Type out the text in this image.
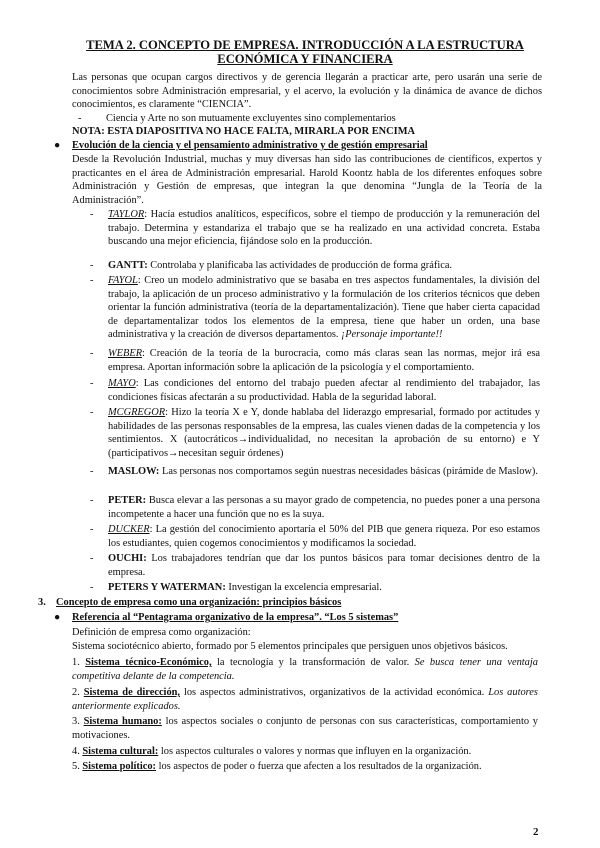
TEMA 2. CONCEPTO DE EMPRESA. INTRODUCCIÓN A LA ESTRUCTURA ECONÓMICA Y FINANCIERA
Las personas que ocupan cargos directivos y de gerencia llegarán a practicar arte, pero usarán una serie de conocimientos sobre Administración empresarial, y el acervo, la evolución y la dinámica de avance de dichos conocimientos, es claramente “CIENCIA”.
- Ciencia y Arte no son mutuamente excluyentes sino complementarios
NOTA: ESTA DIAPOSITIVA NO HACE FALTA, MIRARLA POR ENCIMA
● Evolución de la ciencia y el pensamiento administrativo y de gestión empresarial
Desde la Revolución Industrial, muchas y muy diversas han sido las contribuciones de científicos, expertos y practicantes en el área de Administración empresarial. Harold Koontz habla de los diferentes enfoques sobre Administración y Gestión de empresas, que integran la que denomina “Jungla de la Teoría de la Administración”.
- TAYLOR: Hacía estudios analíticos, específicos, sobre el tiempo de producción y la remuneración del trabajo. Determina y estandariza el trabajo que se ha realizado en una actividad concreta. Estaba buscando una mejor eficiencia, fijándose solo en la producción.
- GANTT: Controlaba y planificaba las actividades de producción de forma gráfica.
- FAYOL: Creo un modelo administrativo que se basaba en tres aspectos fundamentales, la división del trabajo, la aplicación de un proceso administrativo y la formulación de los criterios técnicos que deben orientar la función administrativa (teoría de la departamentalización). Tiene que haber cierta capacidad de departamentalizar todos los elementos de la empresa, tiene que haber un orden, una base administrativa y la creación de diversos departamentos. ¡Personaje importante!!
- WEBER: Creación de la teoría de la burocracia, como más claras sean las normas, mejor irá esa empresa. Aportan información sobre la aplicación de la psicología y el comportamiento.
- MAYO: Las condiciones del entorno del trabajo pueden afectar al rendimiento del trabajador, las condiciones físicas afectarán a su productividad. Habla de la seguridad laboral.
- MCGREGOR: Hizo la teoría X e Y, donde hablaba del liderazgo empresarial, formado por actitudes y habilidades de las personas responsables de la empresa, las cuales vienen dadas de la competencia y los sentimientos. X (autocráticos→individualidad, no necesitan la aprobación de su entorno) e Y (participativos→necesitan seguir órdenes)
- MASLOW: Las personas nos comportamos según nuestras necesidades básicas (pirámide de Maslow).
- PETER: Busca elevar a las personas a su mayor grado de competencia, no puedes poner a una persona incompetente a hacer una función que no es la suya.
- DUCKER: La gestión del conocimiento aportaría el 50% del PIB que genera riqueza. Por eso estamos los estudiantes, quien cogemos conocimientos y modificamos la sociedad.
- OUCHI: Los trabajadores tendrían que dar los puntos básicos para tomar decisiones dentro de la empresa.
- PETERS Y WATERMAN: Investigan la excelencia empresarial.
3. Concepto de empresa como una organización: principios básicos
● Referencia al “Pentagrama organizativo de la empresa”. “Los 5 sistemas”
Definición de empresa como organización:
Sistema sociotécnico abierto, formado por 5 elementos principales que persiguen unos objetivos básicos.
1. Sistema técnico-Económico, la tecnología y la transformación de valor. Se busca tener una ventaja competitiva delante de la competencia.
2. Sistema de dirección, los aspectos administrativos, organizativos de la actividad económica. Los autores anteriormente explicados.
3. Sistema humano: los aspectos sociales o conjunto de personas con sus características, comportamiento y motivaciones.
4. Sistema cultural: los aspectos culturales o valores y normas que influyen en la organización.
5. Sistema político: los aspectos de poder o fuerza que afecten a los resultados de la organización.
2
